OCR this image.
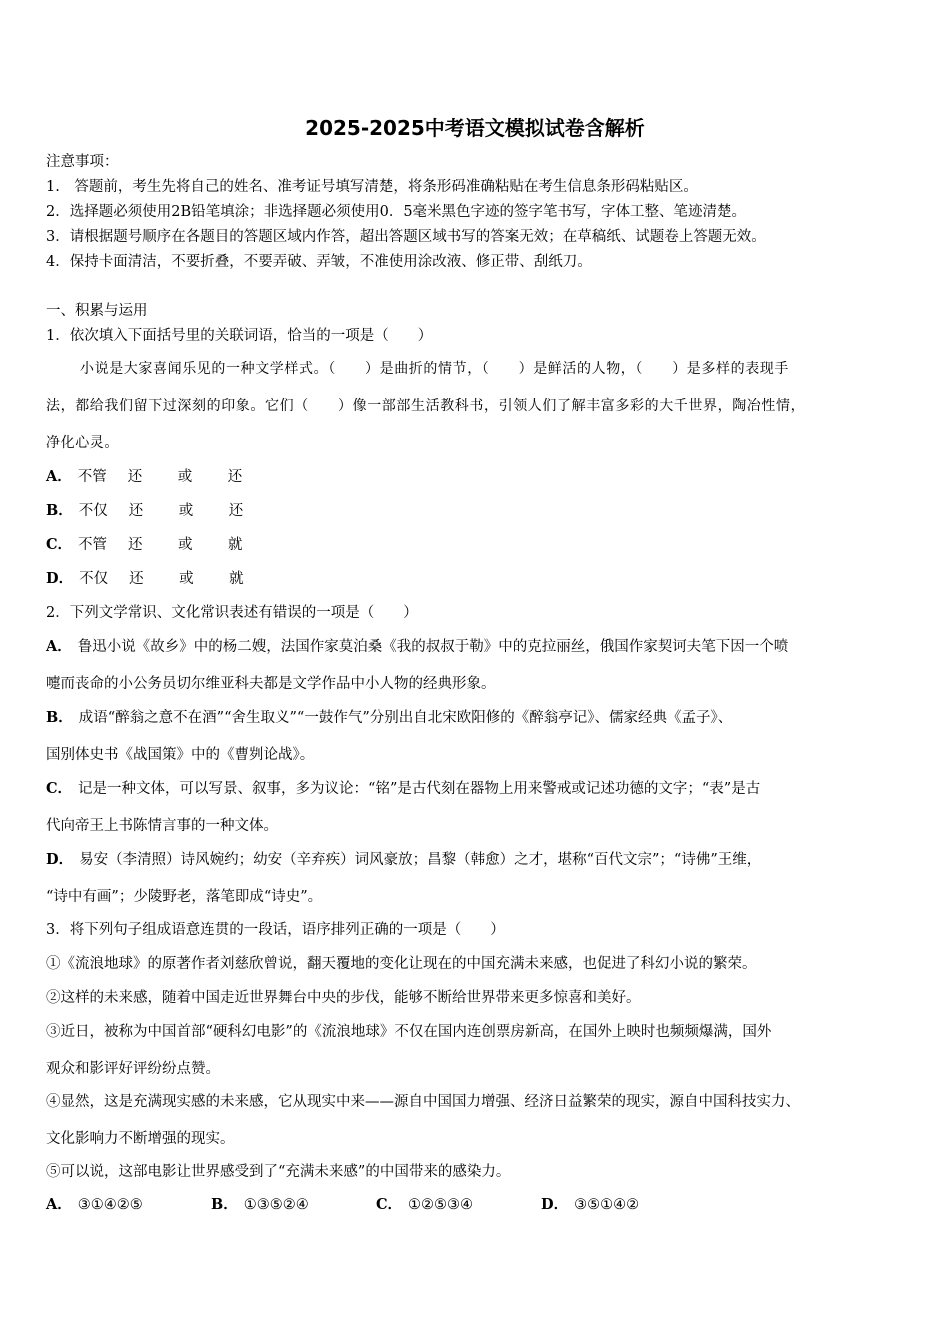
2025-2025中考语文模拟试卷含解析
注意事项：
1.　答题前，考生先将自己的姓名、准考证号填写清楚，将条形码准确粘贴在考生信息条形码粘贴区。
2．选择题必须使用2B铅笔填涂；非选择题必须使用0．5毫米黑色字迹的签字笔书写，字体工整、笔迹清楚。
3．请根据题号顺序在各题目的答题区域内作答，超出答题区域书写的答案无效；在草稿纸、试题卷上答题无效。
4．保持卡面清洁，不要折叠，不要弄破、弄皱，不准使用涂改液、修正带、刮纸刀。
一、积累与运用
1．依次填入下面括号里的关联词语，恰当的一项是（　　）
小说是大家喜闻乐见的一种文学样式。（　　）是曲折的情节，（　　）是鲜活的人物，（　　）是多样的表现手
法，都给我们留下过深刻的印象。它们（　　）像一部部生活教科书，引领人们了解丰富多彩的大千世界，陶冶性情，
净化心灵。
A． 不管 还 或 还
B． 不仅 还 或 还
C． 不管 还 或 就
D． 不仅 还 或 就
2．下列文学常识、文化常识表述有错误的一项是（　　）
A． 鲁迅小说《故乡》中的杨二嫂，法国作家莫泊桑《我的叔叔于勒》中的克拉丽丝，俄国作家契诃夫笔下因一个喷
嚏而丧命的小公务员切尔维亚科夫都是文学作品中小人物的经典形象。
B． 成语“醉翁之意不在酒”“舍生取义”“一鼓作气”分别出自北宋欧阳修的《醉翁亭记》、儒家经典《孟子》、
国别体史书《战国策》中的《曹刿论战》。
C． 记是一种文体，可以写景、叙事，多为议论：“铭”是古代刻在器物上用来警戒或记述功德的文字；“表”是古
代向帝王上书陈情言事的一种文体。
D． 易安（李清照）诗风婉约；幼安（辛弃疾）词风豪放；昌黎（韩愈）之才，堪称“百代文宗”；“诗佛”王维，
“诗中有画”；少陵野老，落笔即成“诗史”。
3．将下列句子组成语意连贯的一段话，语序排列正确的一项是（　　）
①《流浪地球》的原著作者刘慈欣曾说，翻天覆地的变化让现在的中国充满未来感，也促进了科幻小说的繁荣。
②这样的未来感，随着中国走近世界舞台中央的步伐，能够不断给世界带来更多惊喜和美好。
③近日，被称为中国首部“硬科幻电影”的《流浪地球》不仅在国内连创票房新高，在国外上映时也频频爆满，国外
观众和影评好评纷纷点赞。
④显然，这是充满现实感的未来感，它从现实中来——源自中国国力增强、经济日益繁荣的现实，源自中国科技实力、
文化影响力不断增强的现实。
⑤可以说，这部电影让世界感受到了“充满未来感”的中国带来的感染力。
A． ③①④②⑤	B． ①③⑤②④	C． ①②⑤③④	D． ③⑤①④②
